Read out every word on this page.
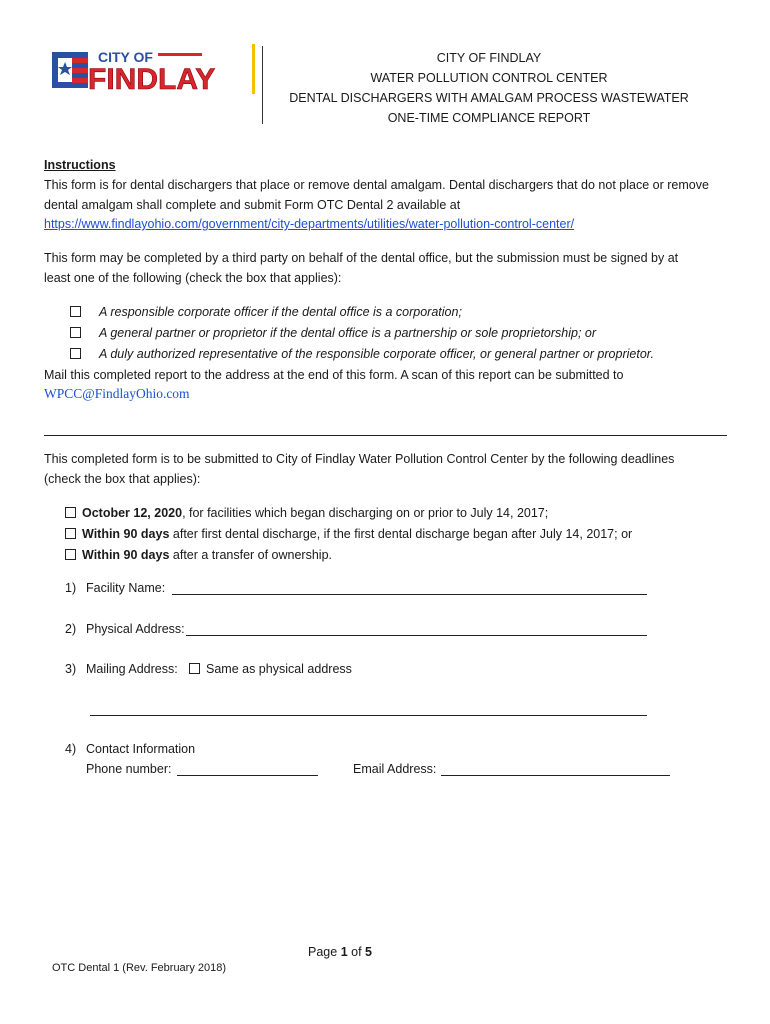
CITY OF
FINDLAY
CITY OF FINDLAY
WATER POLLUTION CONTROL CENTER
DENTAL DISCHARGERS WITH AMALGAM PROCESS WASTEWATER
ONE-TIME COMPLIANCE REPORT
Instructions
This form is for dental dischargers that place or remove dental amalgam. Dental dischargers that do not place or remove
dental amalgam shall complete and submit Form OTC Dental 2 available at
https://www.findlayohio.com/government/city-departments/utilities/water-pollution-control-center/
This form may be completed by a third party on behalf of the dental office, but the submission must be signed by at
least one of the following (check the box that applies):
A responsible corporate officer if the dental office is a corporation;
A general partner or proprietor if the dental office is a partnership or sole proprietorship; or
A duly authorized representative of the responsible corporate officer, or general partner or proprietor.
Mail this completed report to the address at the end of this form. A scan of this report can be submitted to
WPCC@FindlayOhio.com
This completed form is to be submitted to City of Findlay Water Pollution Control Center by the following deadlines
(check the box that applies):
October 12, 2020, for facilities which began discharging on or prior to July 14, 2017;
Within 90 days after first dental discharge, if the first dental discharge began after July 14, 2017; or
Within 90 days after a transfer of ownership.
1) Facility Name:
2) Physical Address:
3) Mailing Address:	Same as physical address
4) Contact Information
Phone number:	Email Address:
Page 1 of 5
OTC Dental 1 (Rev. February 2018)
